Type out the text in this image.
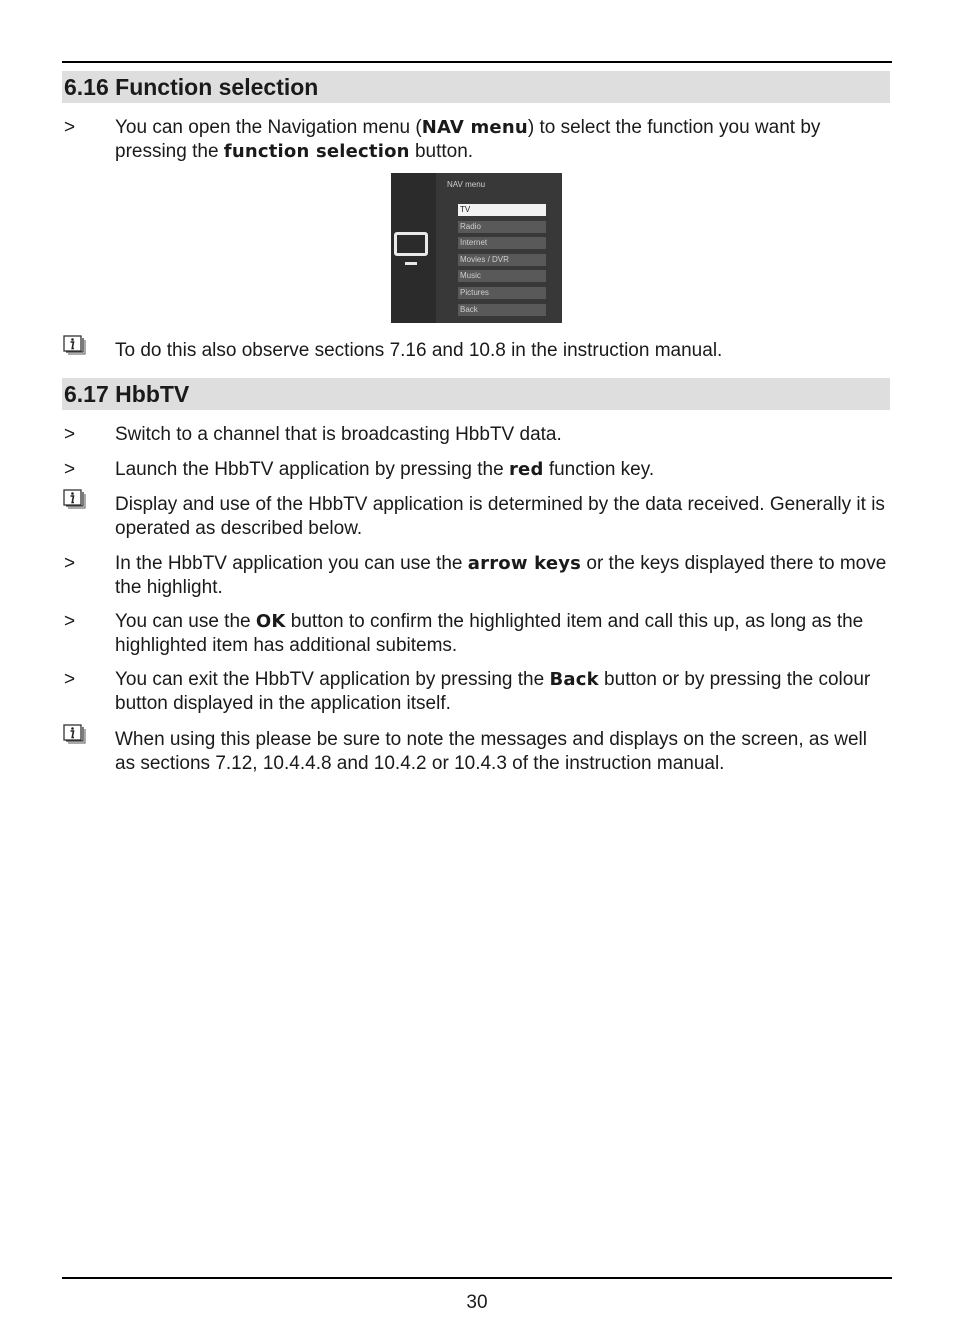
6.16 Function selection
>	You can open the Navigation menu (NAV menu) to select the function you want by pressing the function selection button.
NAV menu
TV
Radio
Internet
Movies / DVR
Music
Pictures
Back
To do this also observe sections 7.16 and 10.8 in the instruction manual.
6.17 HbbTV
>	Switch to a channel that is broadcasting HbbTV data.
>	Launch the HbbTV application by pressing the red function key.
Display and use of the HbbTV application is determined by the data received. Generally it is operated as described below.
>	In the HbbTV application you can use the arrow keys or the keys displayed there to move the highlight.
>	You can use the OK button to confirm the highlighted item and call this up, as long as the highlighted item has additional subitems.
>	You can exit the HbbTV application by pressing the Back button or by pressing the colour button displayed in the application itself.
When using this please be sure to note the messages and displays on the screen, as well as sections 7.12, 10.4.4.8 and 10.4.2 or 10.4.3 of the instruction manual.
30
